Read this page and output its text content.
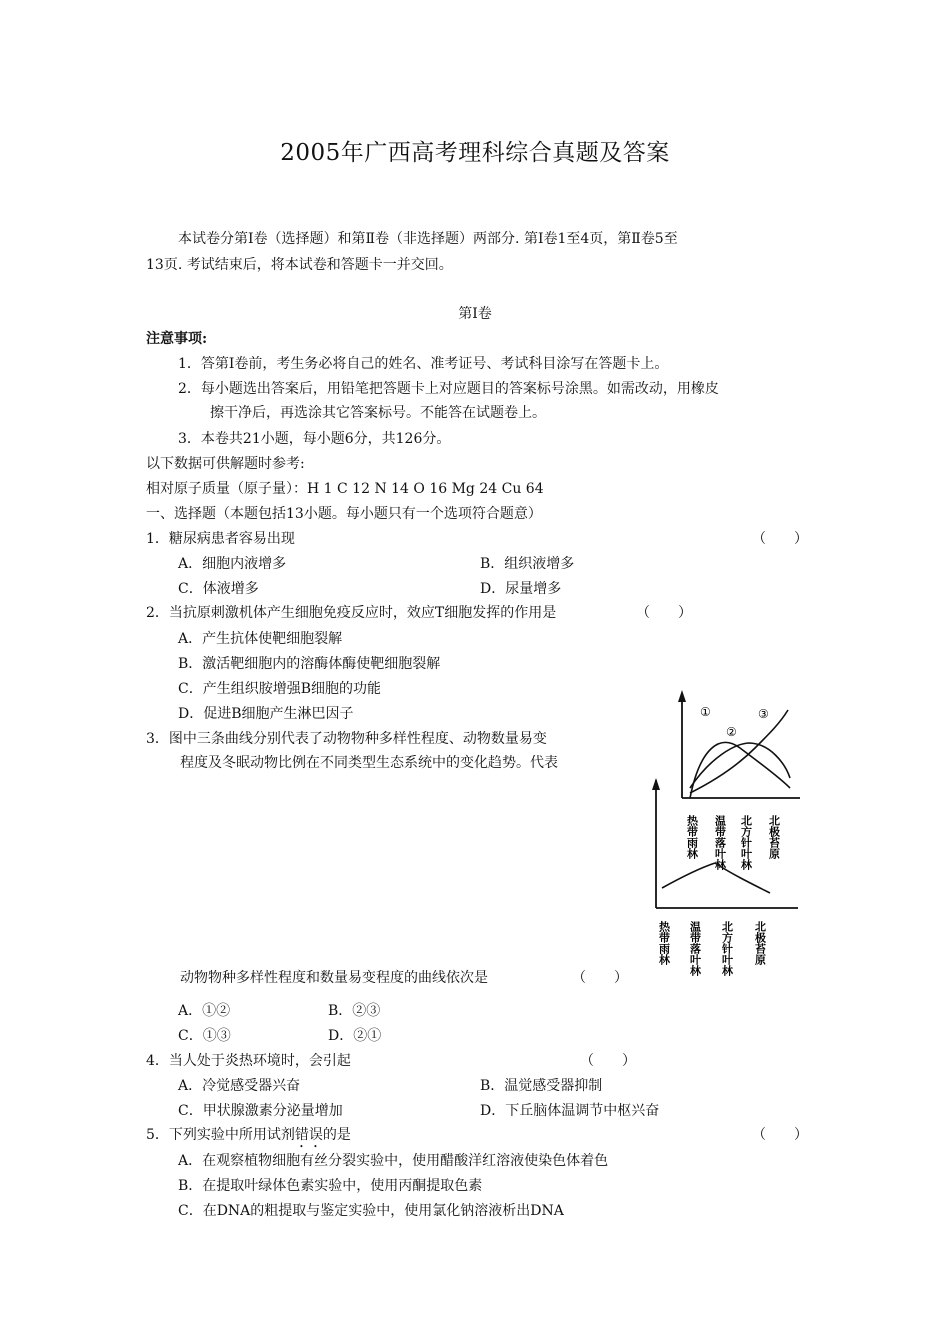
2005年广西高考理科综合真题及答案
本试卷分第Ⅰ卷（选择题）和第Ⅱ卷（非选择题）两部分. 第Ⅰ卷1至4页，第Ⅱ卷5至
13页. 考试结束后，将本试卷和答题卡一并交回。
第Ⅰ卷
注意事项:
1．答第Ⅰ卷前，考生务必将自己的姓名、准考证号、考试科目涂写在答题卡上。
2．每小题选出答案后，用铅笔把答题卡上对应题目的答案标号涂黑。如需改动，用橡皮
擦干净后，再选涂其它答案标号。不能答在试题卷上。
3．本卷共21小题，每小题6分，共126分。
以下数据可供解题时参考:
相对原子质量（原子量）：H 1 C 12 N 14 O 16 Mg 24 Cu 64
一、选择题（本题包括13小题。每小题只有一个选项符合题意）
1．糖尿病患者容易出现	（　　）
A．细胞内液增多	B．组织液增多
C．体液增多	D．尿量增多
2．当抗原刺激机体产生细胞免疫反应时，效应T细胞发挥的作用是	（　　）
A．产生抗体使靶细胞裂解
B．激活靶细胞内的溶酶体酶使靶细胞裂解
C．产生组织胺增强B细胞的功能
D．促进B细胞产生淋巴因子
3．图中三条曲线分别代表了动物物种多样性程度、动物数量易变
程度及冬眠动物比例在不同类型生态系统中的变化趋势。代表
动物物种多样性程度和数量易变程度的曲线依次是	（　　）
A．①②	B．②③
C．①③	D．②①
①
②
③
热带雨林 温带落叶林 北方针叶林 北极苔原
热带雨林 温带落叶林 北方针叶林 北极苔原
4．当人处于炎热环境时，会引起	（　　）
A．冷觉感受器兴奋	B．温觉感受器抑制
C．甲状腺激素分泌量增加	D．下丘脑体温调节中枢兴奋
5．下列实验中所用试剂错误的是	（　　）
A．在观察植物细胞有丝分裂实验中，使用醋酸洋红溶液使染色体着色
B．在提取叶绿体色素实验中，使用丙酮提取色素
C．在DNA的粗提取与鉴定实验中，使用氯化钠溶液析出DNA
